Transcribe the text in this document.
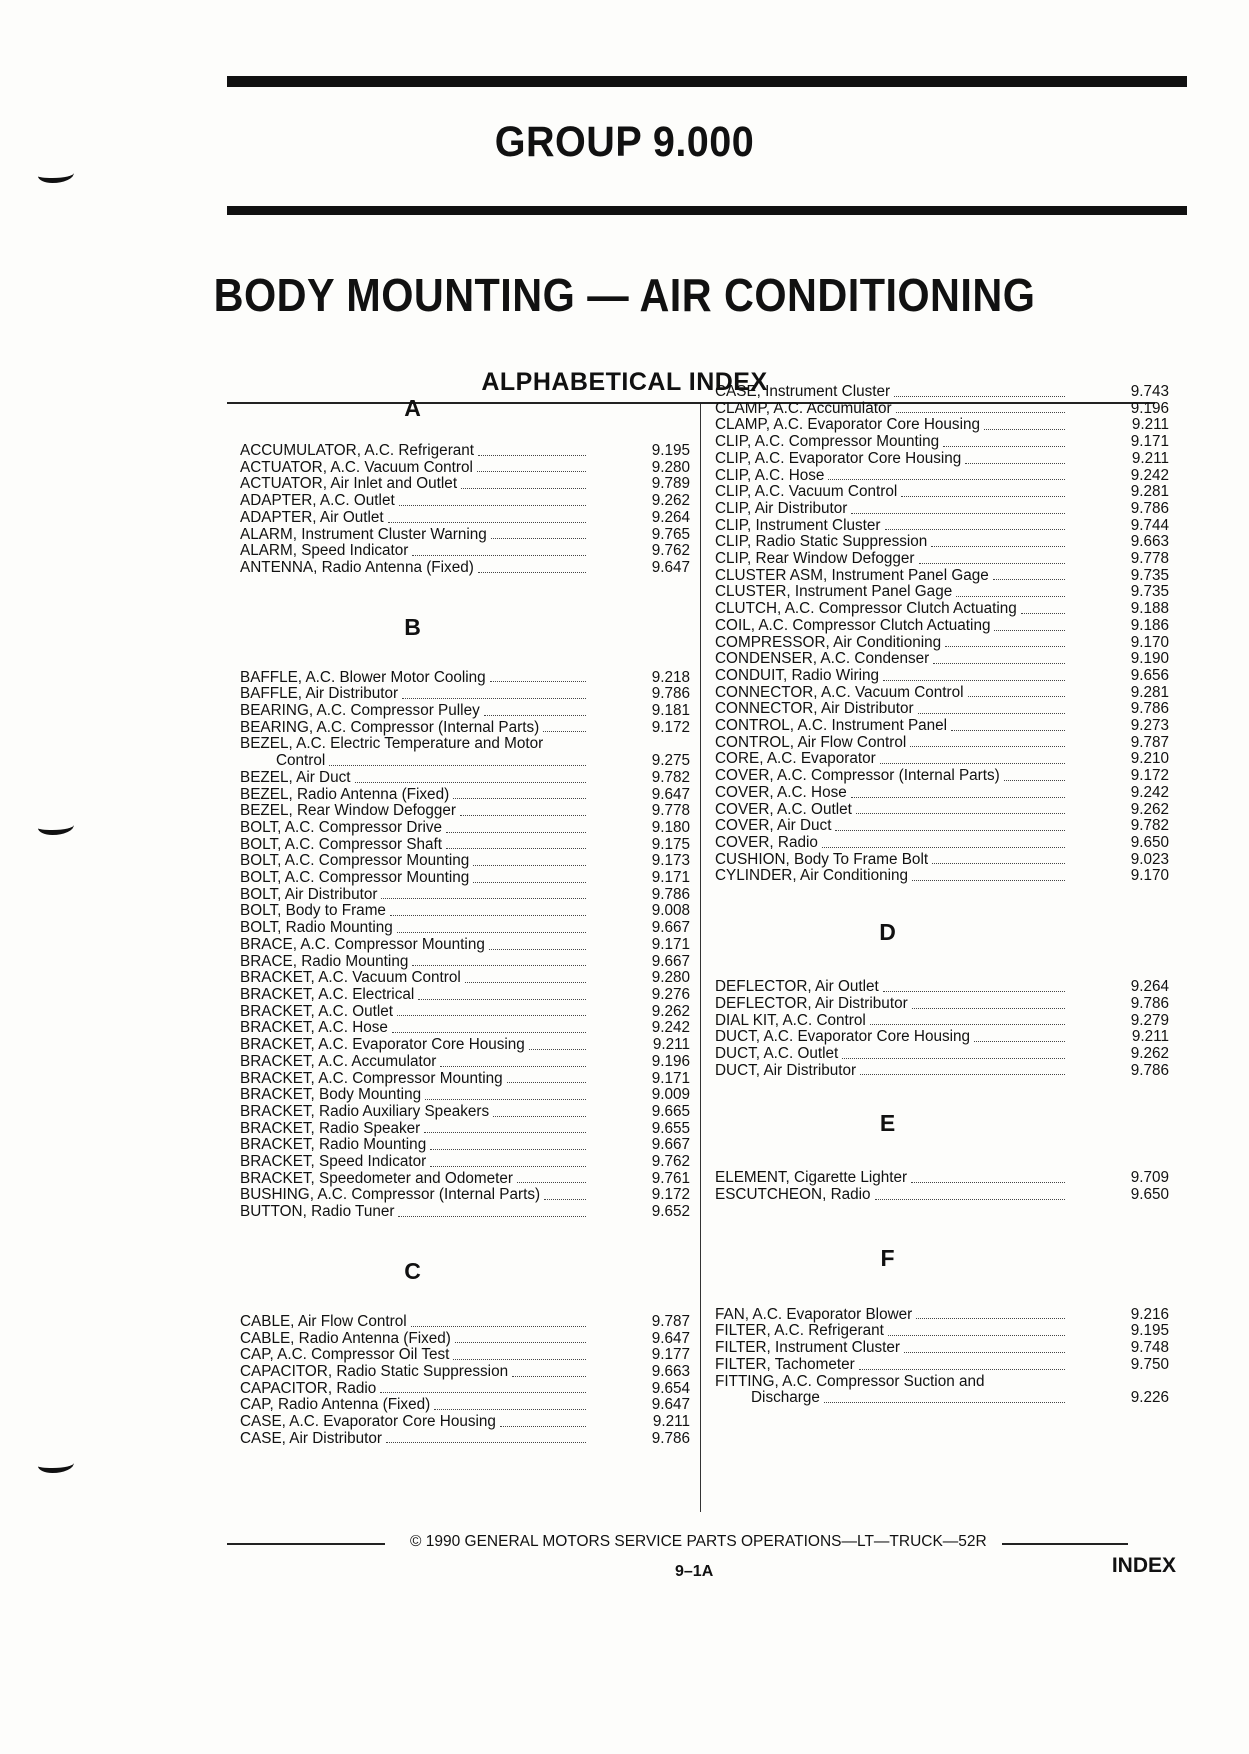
GROUP 9.000
BODY MOUNTING — AIR CONDITIONING
ALPHABETICAL INDEX
A
ACCUMULATOR, A.C. Refrigerant	9.195
ACTUATOR, A.C. Vacuum Control	9.280
ACTUATOR, Air Inlet and Outlet	9.789
ADAPTER, A.C. Outlet	9.262
ADAPTER, Air Outlet	9.264
ALARM, Instrument Cluster Warning	9.765
ALARM, Speed Indicator	9.762
ANTENNA, Radio Antenna (Fixed)	9.647
B
BAFFLE, A.C. Blower Motor Cooling	9.218
BAFFLE, Air Distributor	9.786
BEARING, A.C. Compressor Pulley	9.181
BEARING, A.C. Compressor (Internal Parts)	9.172
BEZEL, A.C. Electric Temperature and Motor
Control	9.275
BEZEL, Air Duct	9.782
BEZEL, Radio Antenna (Fixed)	9.647
BEZEL, Rear Window Defogger	9.778
BOLT, A.C. Compressor Drive	9.180
BOLT, A.C. Compressor Shaft	9.175
BOLT, A.C. Compressor Mounting	9.173
BOLT, A.C. Compressor Mounting	9.171
BOLT, Air Distributor	9.786
BOLT, Body to Frame	9.008
BOLT, Radio Mounting	9.667
BRACE, A.C. Compressor Mounting	9.171
BRACE, Radio Mounting	9.667
BRACKET, A.C. Vacuum Control	9.280
BRACKET, A.C. Electrical	9.276
BRACKET, A.C. Outlet	9.262
BRACKET, A.C. Hose	9.242
BRACKET, A.C. Evaporator Core Housing	9.211
BRACKET, A.C. Accumulator	9.196
BRACKET, A.C. Compressor Mounting	9.171
BRACKET, Body Mounting	9.009
BRACKET, Radio Auxiliary Speakers	9.665
BRACKET, Radio Speaker	9.655
BRACKET, Radio Mounting	9.667
BRACKET, Speed Indicator	9.762
BRACKET, Speedometer and Odometer	9.761
BUSHING, A.C. Compressor (Internal Parts)	9.172
BUTTON, Radio Tuner	9.652
C
CABLE, Air Flow Control	9.787
CABLE, Radio Antenna (Fixed)	9.647
CAP, A.C. Compressor Oil Test	9.177
CAPACITOR, Radio Static Suppression	9.663
CAPACITOR, Radio	9.654
CAP, Radio Antenna (Fixed)	9.647
CASE, A.C. Evaporator Core Housing	9.211
CASE, Air Distributor	9.786
CASE, Instrument Cluster	9.743
CLAMP, A.C. Accumulator	9.196
CLAMP, A.C. Evaporator Core Housing	9.211
CLIP, A.C. Compressor Mounting	9.171
CLIP, A.C. Evaporator Core Housing	9.211
CLIP, A.C. Hose	9.242
CLIP, A.C. Vacuum Control	9.281
CLIP, Air Distributor	9.786
CLIP, Instrument Cluster	9.744
CLIP, Radio Static Suppression	9.663
CLIP, Rear Window Defogger	9.778
CLUSTER ASM, Instrument Panel Gage	9.735
CLUSTER, Instrument Panel Gage	9.735
CLUTCH, A.C. Compressor Clutch Actuating	9.188
COIL, A.C. Compressor Clutch Actuating	9.186
COMPRESSOR, Air Conditioning	9.170
CONDENSER, A.C. Condenser	9.190
CONDUIT, Radio Wiring	9.656
CONNECTOR, A.C. Vacuum Control	9.281
CONNECTOR, Air Distributor	9.786
CONTROL, A.C. Instrument Panel	9.273
CONTROL, Air Flow Control	9.787
CORE, A.C. Evaporator	9.210
COVER, A.C. Compressor (Internal Parts)	9.172
COVER, A.C. Hose	9.242
COVER, A.C. Outlet	9.262
COVER, Air Duct	9.782
COVER, Radio	9.650
CUSHION, Body To Frame Bolt	9.023
CYLINDER, Air Conditioning	9.170
D
DEFLECTOR, Air Outlet	9.264
DEFLECTOR, Air Distributor	9.786
DIAL KIT, A.C. Control	9.279
DUCT, A.C. Evaporator Core Housing	9.211
DUCT, A.C. Outlet	9.262
DUCT, Air Distributor	9.786
E
ELEMENT, Cigarette Lighter	9.709
ESCUTCHEON, Radio	9.650
F
FAN, A.C. Evaporator Blower	9.216
FILTER, A.C. Refrigerant	9.195
FILTER, Instrument Cluster	9.748
FILTER, Tachometer	9.750
FITTING, A.C. Compressor Suction and
Discharge	9.226
© 1990 GENERAL MOTORS SERVICE PARTS OPERATIONS—LT—TRUCK—52R
9–1A	INDEX
